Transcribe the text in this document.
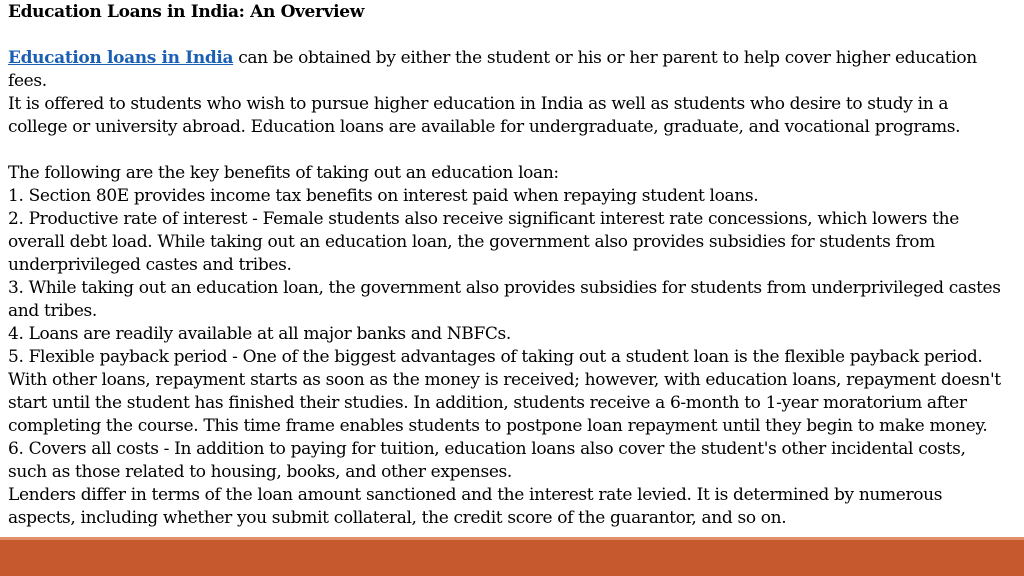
Education Loans in India: An Overview

Education loans in India can be obtained by either the student or his or her parent to help cover higher education fees.

It is offered to students who wish to pursue higher education in India as well as students who desire to study in a college or university abroad. Education loans are available for undergraduate, graduate, and vocational programs.

The following are the key benefits of taking out an education loan:

1. Section 80E provides income tax benefits on interest paid when repaying student loans.

2. Productive rate of interest - Female students also receive significant interest rate concessions, which lowers the overall debt load. While taking out an education loan, the government also provides subsidies for students from underprivileged castes and tribes.

3. While taking out an education loan, the government also provides subsidies for students from underprivileged castes and tribes.

4. Loans are readily available at all major banks and NBFCs.

5. Flexible payback period - One of the biggest advantages of taking out a student loan is the flexible payback period. With other loans, repayment starts as soon as the money is received; however, with education loans, repayment doesn't start until the student has finished their studies. In addition, students receive a 6-month to 1-year moratorium after completing the course. This time frame enables students to postpone loan repayment until they begin to make money.

6. Covers all costs - In addition to paying for tuition, education loans also cover the student's other incidental costs, such as those related to housing, books, and other expenses.

Lenders differ in terms of the loan amount sanctioned and the interest rate levied. It is determined by numerous aspects, including whether you submit collateral, the credit score of the guarantor, and so on.
